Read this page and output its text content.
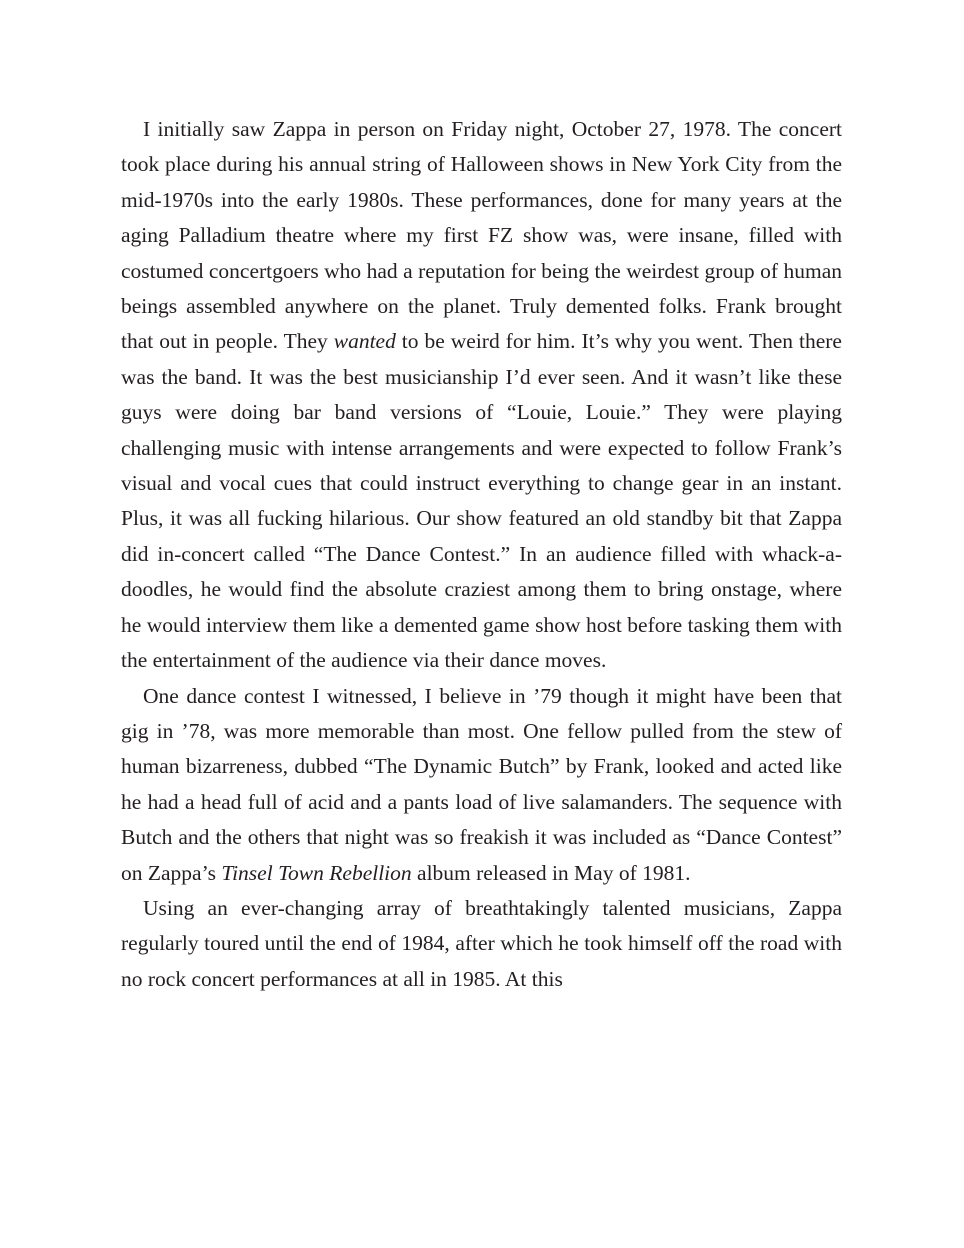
I initially saw Zappa in person on Friday night, October 27, 1978. The concert took place during his annual string of Halloween shows in New York City from the mid-1970s into the early 1980s. These performances, done for many years at the aging Palladium theatre where my first FZ show was, were insane, filled with costumed concertgoers who had a reputation for being the weirdest group of human beings assembled anywhere on the planet. Truly demented folks. Frank brought that out in people. They wanted to be weird for him. It’s why you went. Then there was the band. It was the best musicianship I’d ever seen. And it wasn’t like these guys were doing bar band versions of “Louie, Louie.” They were playing challenging music with intense arrangements and were expected to follow Frank’s visual and vocal cues that could instruct everything to change gear in an instant. Plus, it was all fucking hilarious. Our show featured an old standby bit that Zappa did in-concert called “The Dance Contest.” In an audience filled with whack-a-doodles, he would find the absolute craziest among them to bring onstage, where he would interview them like a demented game show host before tasking them with the entertainment of the audience via their dance moves.

One dance contest I witnessed, I believe in ’79 though it might have been that gig in ’78, was more memorable than most. One fellow pulled from the stew of human bizarreness, dubbed “The Dynamic Butch” by Frank, looked and acted like he had a head full of acid and a pants load of live salamanders. The sequence with Butch and the others that night was so freakish it was included as “Dance Contest” on Zappa’s Tinsel Town Rebellion album released in May of 1981.

Using an ever-changing array of breathtakingly talented musicians, Zappa regularly toured until the end of 1984, after which he took himself off the road with no rock concert performances at all in 1985. At this
